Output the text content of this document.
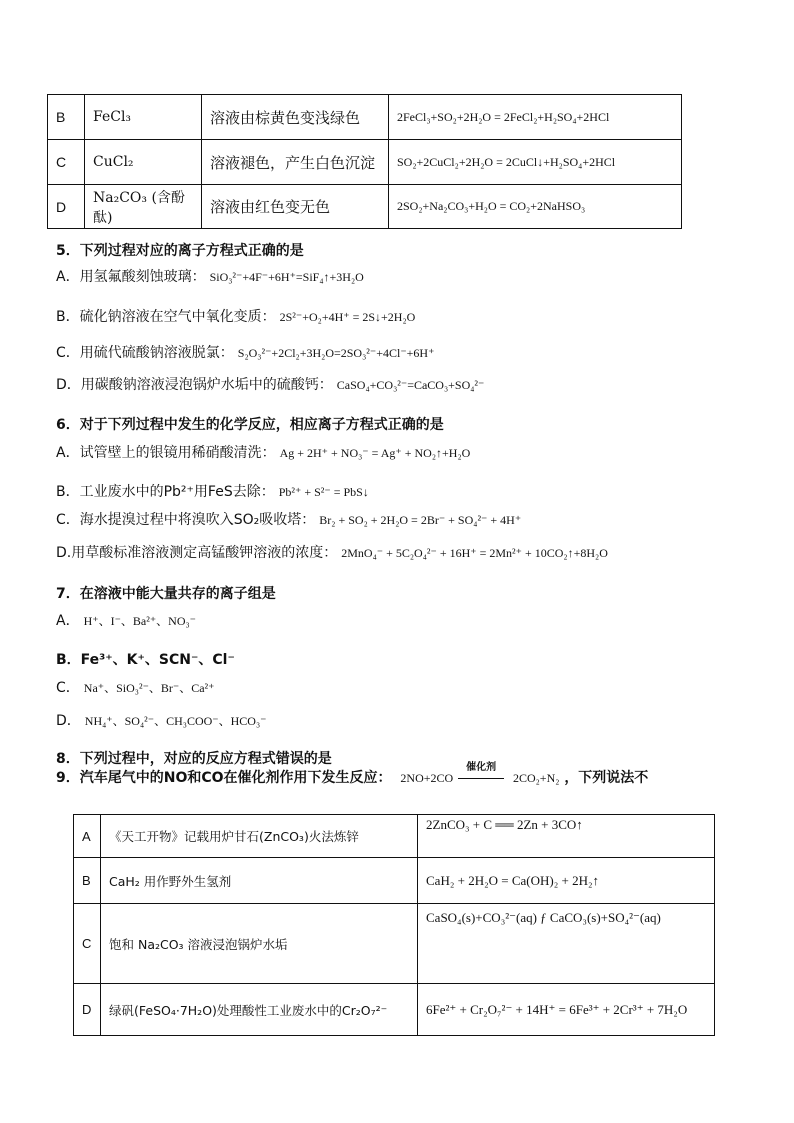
B	FeCl₃	溶液由棕黄色变浅绿色	2FeCl₃+SO₂+2H₂O = 2FeCl₂+H₂SO₄+2HCl
C	CuCl₂	溶液褪色，产生白色沉淀	SO₂+2CuCl₂+2H₂O = 2CuCl↓+H₂SO₄+2HCl
D	Na₂CO₃ (含酚酞)	溶液由红色变无色	2SO₂+Na₂CO₃+H₂O = CO₂+2NaHSO₃
5．下列过程对应的离子方程式正确的是
A．用氢氟酸刻蚀玻璃： SiO₃²⁻+4F⁻+6H⁺=SiF₄↑+3H₂O
B．硫化钠溶液在空气中氧化变质： 2S²⁻+O₂+4H⁺ = 2S↓+2H₂O
C．用硫代硫酸钠溶液脱氯： S₂O₃²⁻+2Cl₂+3H₂O=2SO₃²⁻+4Cl⁻+6H⁺
D．用碳酸钠溶液浸泡锅炉水垢中的硫酸钙： CaSO₄+CO₃²⁻=CaCO₃+SO₄²⁻
6．对于下列过程中发生的化学反应，相应离子方程式正确的是
A．试管壁上的银镜用稀硝酸清洗： Ag + 2H⁺ + NO₃⁻ = Ag⁺ + NO₂↑+H₂O
B．工业废水中的Pb²⁺用FeS去除： Pb²⁺ + S²⁻ = PbS↓
C．海水提溴过程中将溴吹入SO₂吸收塔： Br₂ + SO₂ + 2H₂O = 2Br⁻ + SO₄²⁻ + 4H⁺
D.用草酸标准溶液测定高锰酸钾溶液的浓度： 2MnO₄⁻ + 5C₂O₄²⁻ + 16H⁺ = 2Mn²⁺ + 10CO₂↑+8H₂O
7．在溶液中能大量共存的离子组是
A． H⁺、I⁻、Ba²⁺、NO₃⁻
B．Fe³⁺、K⁺、SCN⁻、Cl⁻
C． Na⁺、SiO₃²⁻、Br⁻、Ca²⁺
D． NH₄⁺、SO₄²⁻、CH₃COO⁻、HCO₃⁻
8．下列过程中，对应的反应方程式错误的是
9．汽车尾气中的NO和CO在催化剂作用下发生反应： 2NO+2CO
催化剂
2CO₂+N₂ ，下列说法不
A	《天工开物》记载用炉甘石(ZnCO₃)火法炼锌	2ZnCO₃ + C ══ 2Zn + 3CO↑
B	CaH₂ 用作野外生氢剂	CaH₂ + 2H₂O = Ca(OH)₂ + 2H₂↑
C	饱和 Na₂CO₃ 溶液浸泡锅炉水垢	CaSO₄(s)+CO₃²⁻(aq) ƒ CaCO₃(s)+SO₄²⁻(aq)
D	绿矾(FeSO₄·7H₂O)处理酸性工业废水中的Cr₂O₇²⁻	6Fe²⁺ + Cr₂O₇²⁻ + 14H⁺ = 6Fe³⁺ + 2Cr³⁺ + 7H₂O
